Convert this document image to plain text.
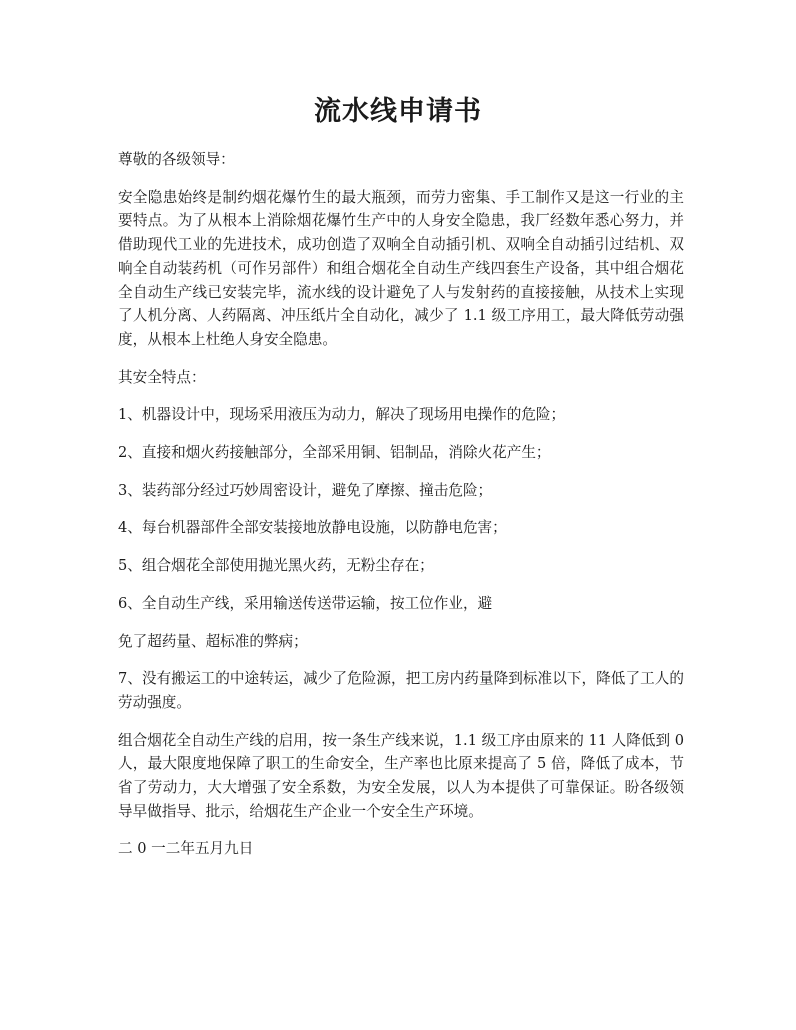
流水线申请书

尊敬的各级领导：

安全隐患始终是制约烟花爆竹生的最大瓶颈，而劳力密集、手工制作又是这一行业的主要特点。为了从根本上消除烟花爆竹生产中的人身安全隐患，我厂经数年悉心努力，并借助现代工业的先进技术，成功创造了双响全自动插引机、双响全自动插引过结机、双响全自动装药机（可作另部件）和组合烟花全自动生产线四套生产设备，其中组合烟花全自动生产线已安装完毕，流水线的设计避免了人与发射药的直接接触，从技术上实现了人机分离、人药隔离、冲压纸片全自动化，减少了 1.1 级工序用工，最大降低劳动强度，从根本上杜绝人身安全隐患。

其安全特点：

1、机器设计中，现场采用液压为动力，解决了现场用电操作的危险；

2、直接和烟火药接触部分，全部采用铜、铝制品，消除火花产生；

3、装药部分经过巧妙周密设计，避免了摩擦、撞击危险；

4、每台机器部件全部安装接地放静电设施，以防静电危害；

5、组合烟花全部使用抛光黑火药，无粉尘存在；

6、全自动生产线，采用输送传送带运输，按工位作业，避

免了超药量、超标准的弊病；

7、没有搬运工的中途转运，减少了危险源，把工房内药量降到标准以下，降低了工人的劳动强度。

组合烟花全自动生产线的启用，按一条生产线来说，1.1 级工序由原来的 11 人降低到 0 人，最大限度地保障了职工的生命安全，生产率也比原来提高了 5 倍，降低了成本，节省了劳动力，大大增强了安全系数，为安全发展，以人为本提供了可靠保证。盼各级领导早做指导、批示，给烟花生产企业一个安全生产环境。

二 0 一二年五月九日
